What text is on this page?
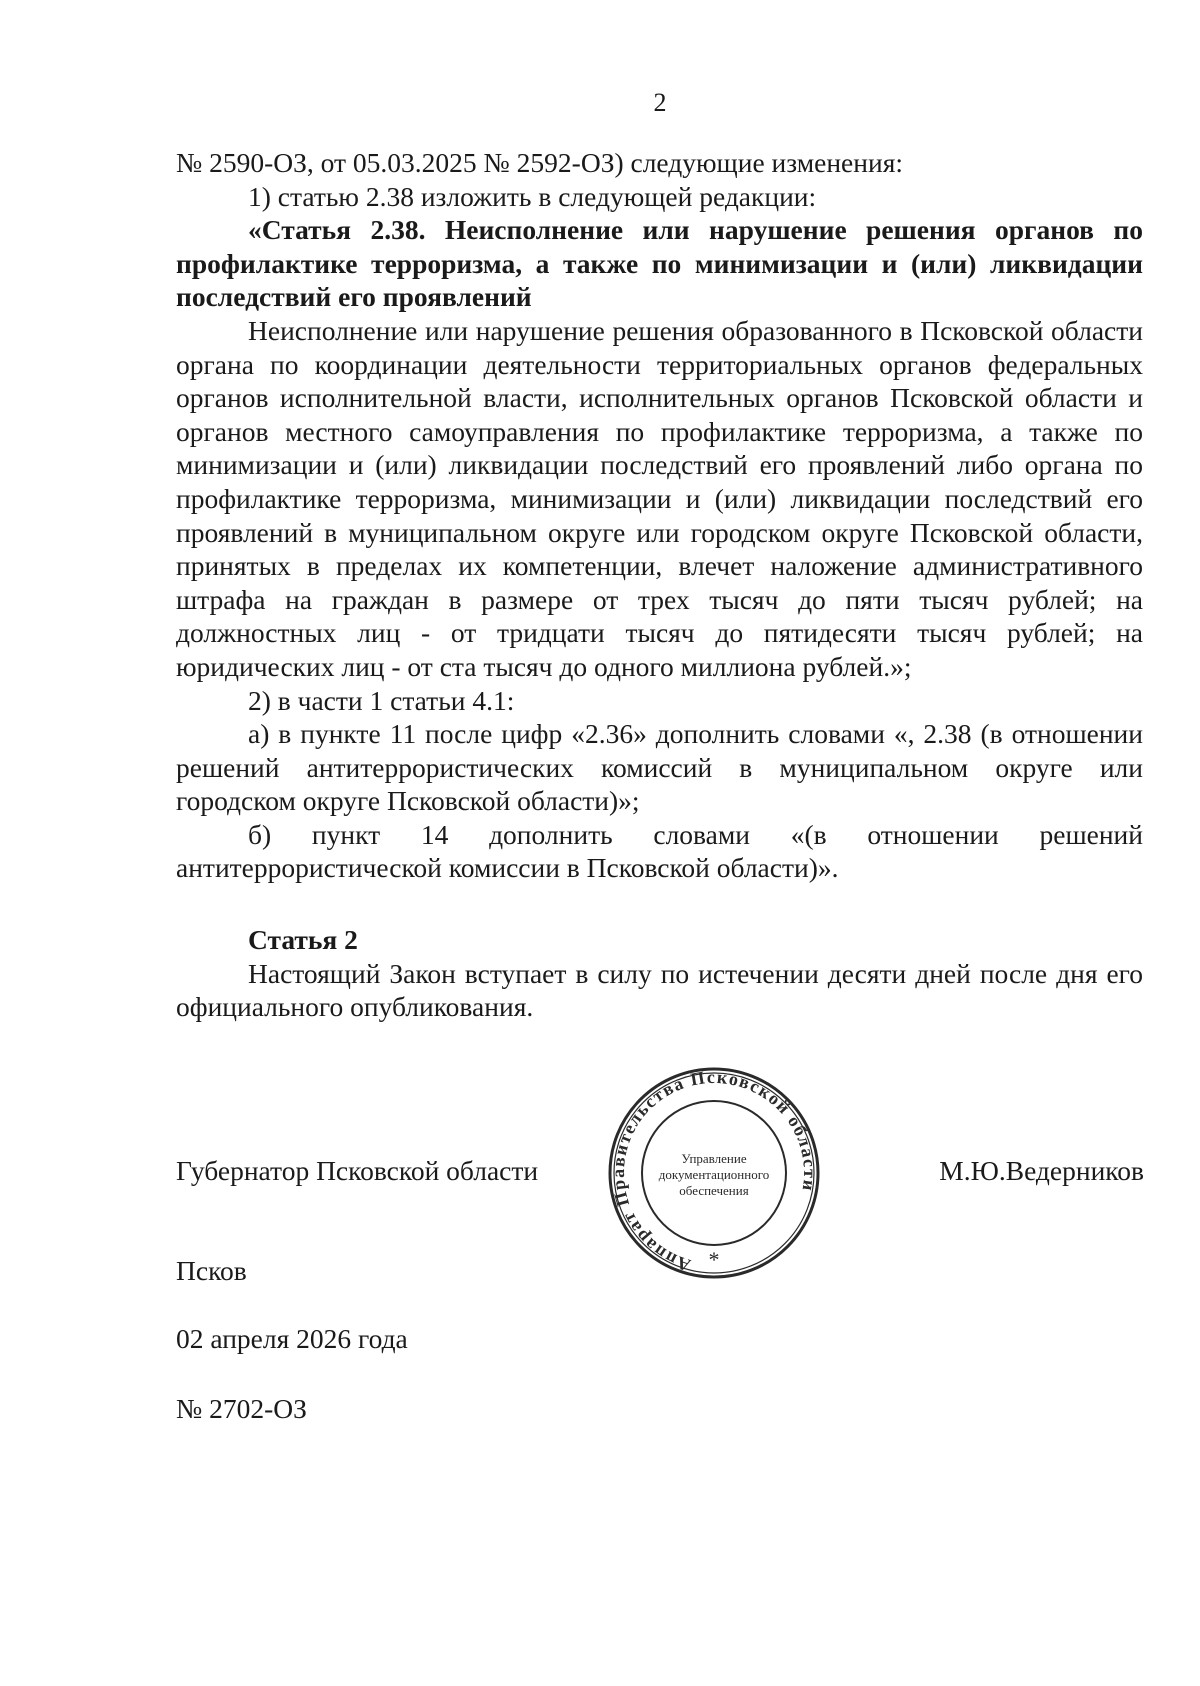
2

№ 2590-ОЗ, от 05.03.2025 № 2592-ОЗ) следующие изменения:

1) статью 2.38 изложить в следующей редакции:

«Статья 2.38. Неисполнение или нарушение решения органов по профилактике терроризма, а также по минимизации и (или) ликвидации последствий его проявлений

Неисполнение или нарушение решения образованного в Псковской области органа по координации деятельности территориальных органов федеральных органов исполнительной власти, исполнительных органов Псковской области и органов местного самоуправления по профилактике терроризма, а также по минимизации и (или) ликвидации последствий его проявлений либо органа по профилактике терроризма, минимизации и (или) ликвидации последствий его проявлений в муниципальном округе или городском округе Псковской области, принятых в пределах их компетенции, влечет наложение административного штрафа на граждан в размере от трех тысяч до пяти тысяч рублей; на должностных лиц - от тридцати тысяч до пятидесяти тысяч рублей; на юридических лиц - от ста тысяч до одного миллиона рублей.»;

2) в части 1 статьи 4.1:

а) в пункте 11 после цифр «2.36» дополнить словами «, 2.38 (в отношении решений антитеррористических комиссий в муниципальном округе или городском округе Псковской области)»;

б) пункт 14 дополнить словами «(в отношении решений антитеррористической комиссии в Псковской области)».

Статья 2

Настоящий Закон вступает в силу по истечении десяти дней после дня его официального опубликования.

Губернатор Псковской области
Аппарат Правительства Псковской области
Управление
документационного
обеспечения
*
М.Ю.Ведерников
Псков
02 апреля 2026 года
№ 2702-ОЗ
